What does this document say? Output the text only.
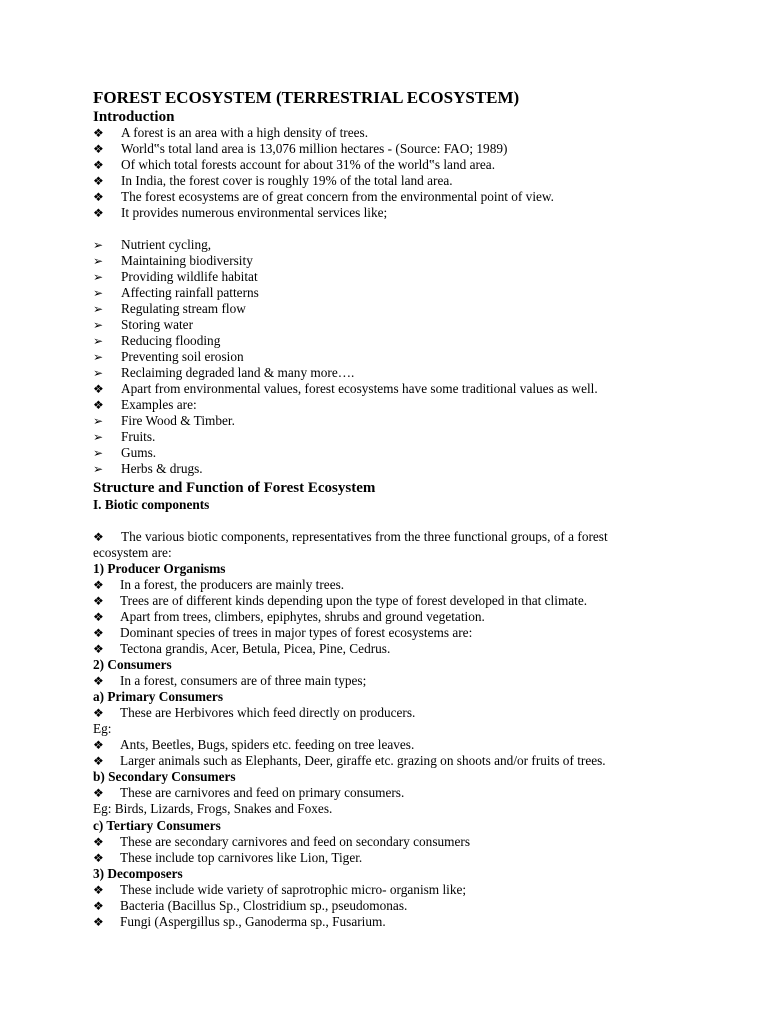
FOREST ECOSYSTEM (TERRESTRIAL ECOSYSTEM)
Introduction
❖ A forest is an area with a high density of trees.
❖ World‟s total land area is 13,076 million hectares - (Source: FAO; 1989)
❖ Of which total forests account for about 31% of the world‟s land area.
❖ In India, the forest cover is roughly 19% of the total land area.
❖ The forest ecosystems are of great concern from the environmental point of view.
❖ It provides numerous environmental services like;
➢ Nutrient cycling,
➢ Maintaining biodiversity
➢ Providing wildlife habitat
➢ Affecting rainfall patterns
➢ Regulating stream flow
➢ Storing water
➢ Reducing flooding
➢ Preventing soil erosion
➢ Reclaiming degraded land & many more….
❖ Apart from environmental values, forest ecosystems have some traditional values as well.
❖ Examples are:
➢ Fire Wood & Timber.
➢ Fruits.
➢ Gums.
➢ Herbs & drugs.
Structure and Function of Forest Ecosystem
I. Biotic components
❖ The various biotic components, representatives from the three functional groups, of a forest
ecosystem are:
1) Producer Organisms
❖ In a forest, the producers are mainly trees.
❖ Trees are of different kinds depending upon the type of forest developed in that climate.
❖ Apart from trees, climbers, epiphytes, shrubs and ground vegetation.
❖ Dominant species of trees in major types of forest ecosystems are:
❖ Tectona grandis, Acer, Betula, Picea, Pine, Cedrus.
2) Consumers
❖ In a forest, consumers are of three main types;
a) Primary Consumers
❖ These are Herbivores which feed directly on producers.
Eg:
❖ Ants, Beetles, Bugs, spiders etc. feeding on tree leaves.
❖ Larger animals such as Elephants, Deer, giraffe etc. grazing on shoots and/or fruits of trees.
b) Secondary Consumers
❖ These are carnivores and feed on primary consumers.
Eg: Birds, Lizards, Frogs, Snakes and Foxes.
c) Tertiary Consumers
❖ These are secondary carnivores and feed on secondary consumers
❖ These include top carnivores like Lion, Tiger.
3) Decomposers
❖ These include wide variety of saprotrophic micro- organism like;
❖ Bacteria (Bacillus Sp., Clostridium sp., pseudomonas.
❖ Fungi (Aspergillus sp., Ganoderma sp., Fusarium.
